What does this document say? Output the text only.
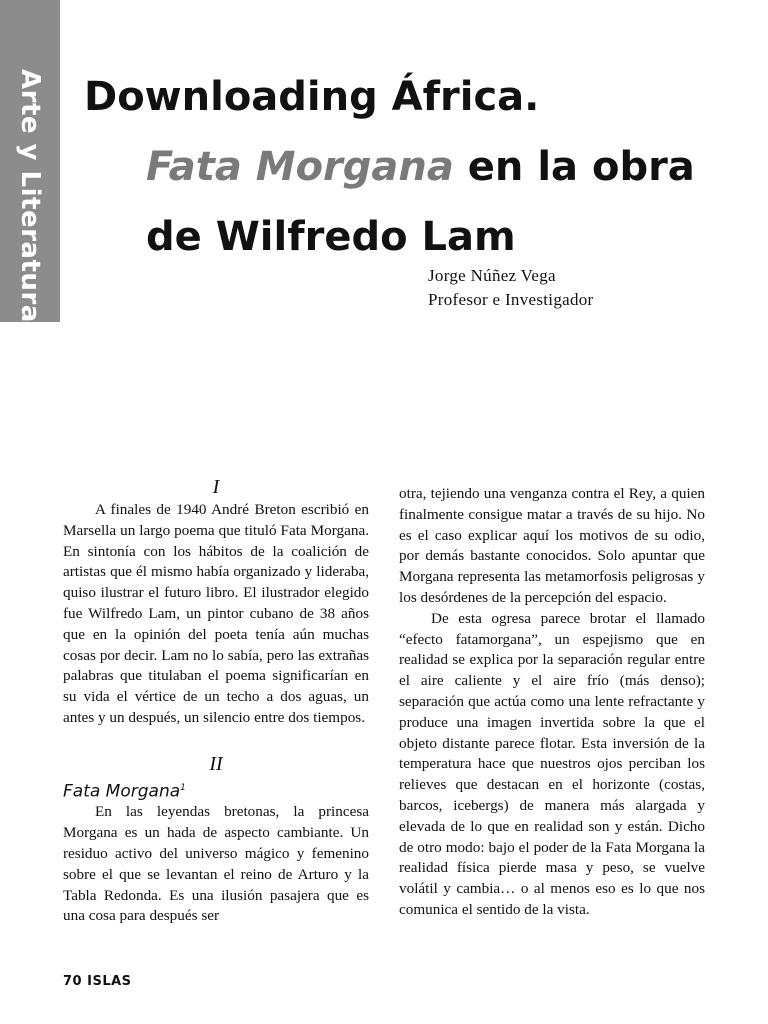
Arte y Literatura Downloading África.
Fata Morgana en la obra
de Wilfredo Lam
Jorge Núñez Vega
Profesor e Investigador

I

A finales de 1940 André Breton escribió en Marsella un largo poema que tituló Fata Morgana. En sintonía con los hábitos de la coalición de artistas que él mismo había organizado y lideraba, quiso ilustrar el futuro libro. El ilustrador elegido fue Wilfredo Lam, un pintor cubano de 38 años que en la opinión del poeta tenía aún muchas cosas por decir. Lam no lo sabía, pero las extrañas palabras que titulaban el poema significarían en su vida el vértice de un techo a dos aguas, un antes y un después, un silencio entre dos tiempos.

II

Fata Morgana$^1$

En las leyendas bretonas, la princesa Morgana es un hada de aspecto cambiante. Un residuo activo del universo mágico y femenino sobre el que se levantan el reino de Arturo y la Tabla Redonda. Es una ilusión pasajera que es una cosa para después ser

otra, tejiendo una venganza contra el Rey, a quien finalmente consigue matar a través de su hijo. No es el caso explicar aquí los motivos de su odio, por demás bastante conocidos. Solo apuntar que Morgana representa las metamorfosis peligrosas y los desórdenes de la percepción del espacio.

De esta ogresa parece brotar el llamado “efecto fatamorgana”, un espejismo que en realidad se explica por la separación regular entre el aire caliente y el aire frío (más denso); separación que actúa como una lente refractante y produce una imagen invertida sobre la que el objeto distante parece flotar. Esta inversión de la temperatura hace que nuestros ojos perciban los relieves que destacan en el horizonte (costas, barcos, icebergs) de manera más alargada y elevada de lo que en realidad son y están. Dicho de otro modo: bajo el poder de la Fata Morgana la realidad física pierde masa y peso, se vuelve volátil y cambia… o al menos eso es lo que nos comunica el sentido de la vista.

70 ISLAS
